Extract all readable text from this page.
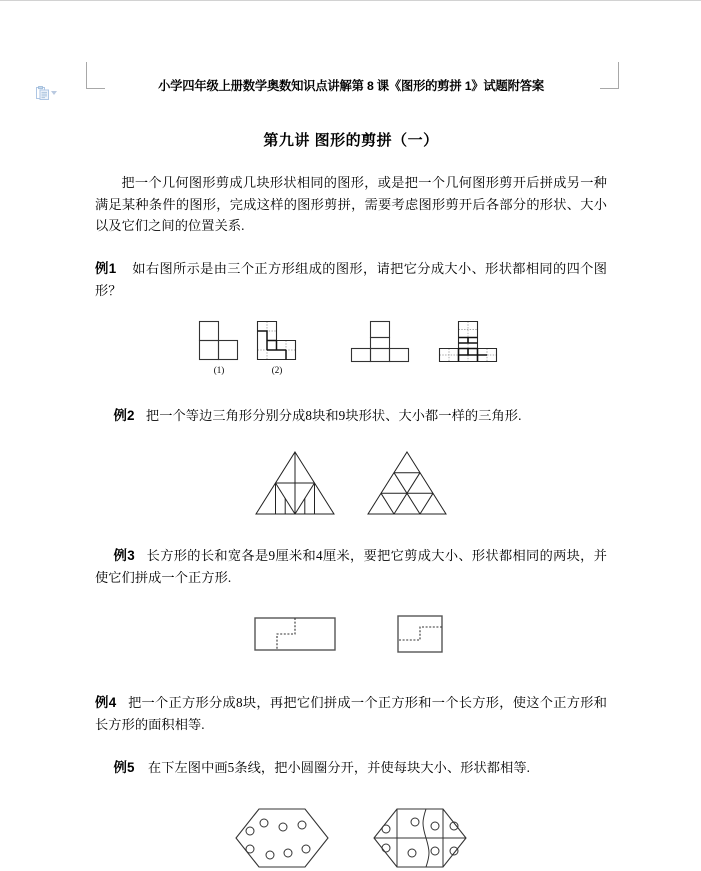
小学四年级上册数学奥数知识点讲解第 8 课《图形的剪拼 1》试题附答案
第九讲 图形的剪拼（一）

把一个几何图形剪成几块形状相同的图形，或是把一个几何图形剪开后拼成另一种满足某种条件的图形，完成这样的图形剪拼，需要考虑图形剪开后各部分的形状、大小以及它们之间的位置关系.

例1 如右图所示是由三个正方形组成的图形，请把它分成大小、形状都相同的四个图形？

(1)	(2)

例2 把一个等边三角形分别分成8块和9块形状、大小都一样的三角形.

例3 长方形的长和宽各是9厘米和4厘米，要把它剪成大小、形状都相同的两块，并使它们拼成一个正方形.

例4 把一个正方形分成8块，再把它们拼成一个正方形和一个长方形，使这个正方形和长方形的面积相等.

例5 在下左图中画5条线，把小圆圈分开，并使每块大小、形状都相等.
